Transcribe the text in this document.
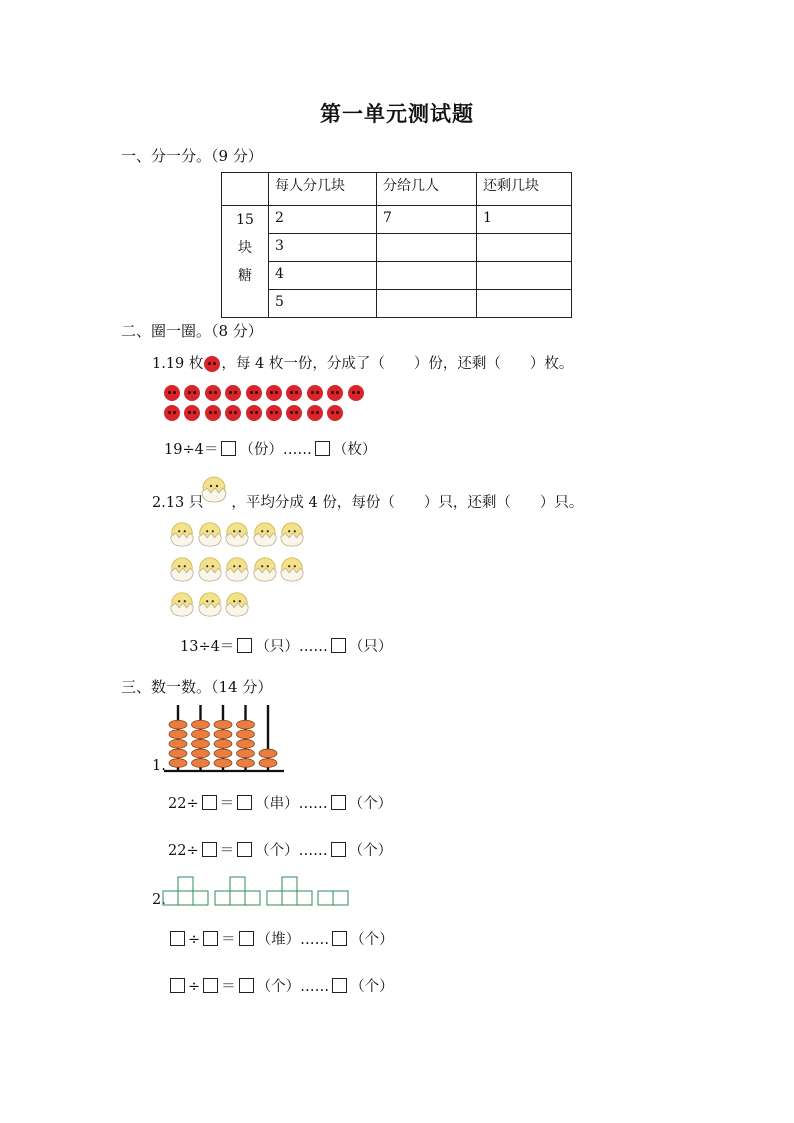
第一单元测试题
一、分一分。（9 分）
	每人分几块	分给几人	还剩几块

15
块
糖	2	7	1
	3		
	4		
	5		
二、圈一圈。（8 分）
1.19 枚 ，每 4 枚一份，分成了（　　）份，还剩（　　）枚。
19÷4＝ （份）…… （枚）
2.13 只 ，平均分成 4 份，每份（　　）只，还剩（　　）只。
13÷4＝ （只）…… （只）
三、数一数。（14 分）
1.
22÷ ＝ （串）…… （个）
22÷ ＝ （个）…… （个）
2.
÷ ＝ （堆）…… （个）
÷ ＝ （个）…… （个）
